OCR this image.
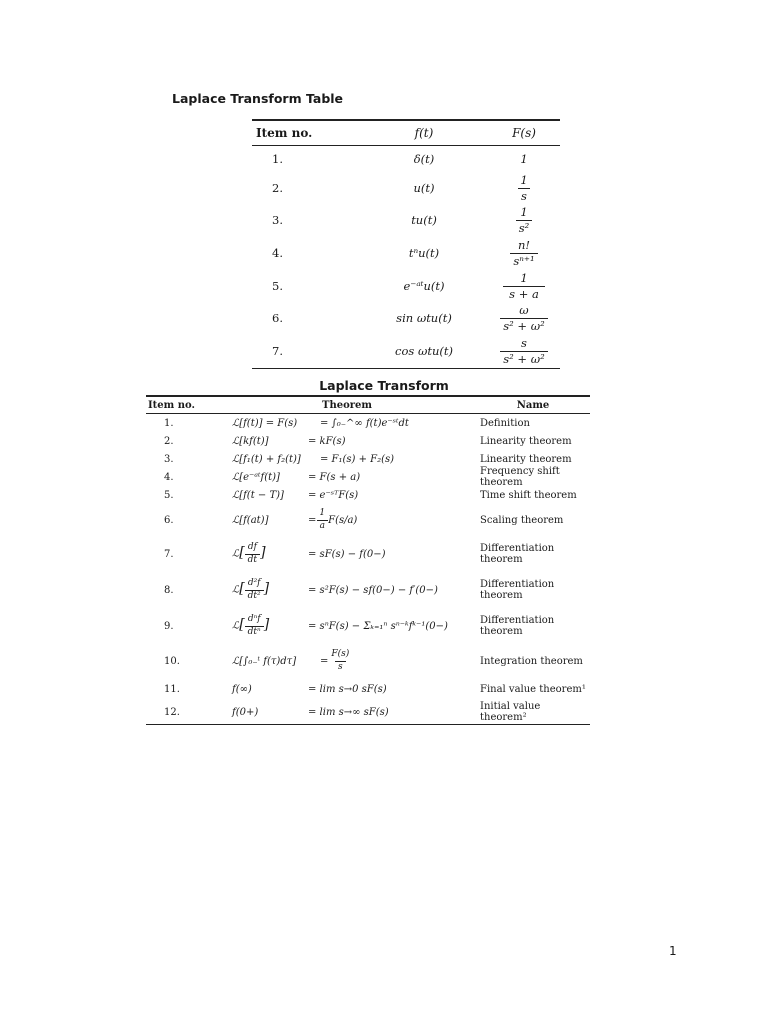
Laplace Transform Table
Item no.	f(t)	F(s)
1.	δ(t)	1
2.	u(t)	$\frac{1}{s}$
3.	tu(t)	$\frac{1}{\text{s²}}$
4.	tⁿu(t)	$\frac{n!}{\text{sⁿ⁺¹}}$
5.	e⁻ᵃᵗu(t)	$\frac{1}{s + a}$
6.	sin ωtu(t)	$\frac{\omega}{\text{s² + ω²}}$
7.	cos ωtu(t)	$\frac{s}{\text{s² + ω²}}$
Laplace Transform
Item no.	Theorem	Name
1.	ℒ[f(t)] = F(s)	= ∫₀₋^∞ f(t)e⁻ˢᵗdt	Definition
2.	ℒ[kf(t)]	= kF(s)	Linearity theorem
3.	ℒ[f₁(t) + f₂(t)]	= F₁(s) + F₂(s)	Linearity theorem
4.	ℒ[e⁻ᵃᵗf(t)]	= F(s + a)	Frequency shift theorem
5.	ℒ[f(t − T)]	= e⁻ˢᵀF(s)	Time shift theorem
6.	ℒ[f(at)]	= $\frac{1}{a} F(s/a)$	Scaling theorem
7.	ℒ[ $\frac{df}{dt}$ ]	= sF(s) − f(0−)	Differentiation theorem
8.	ℒ[ $\frac{\text{d²f}}{\text{dt²}}$ ]	= s²F(s) − sf(0−) − f′(0−)	Differentiation theorem
9.	ℒ[ $\frac{\text{dⁿf}}{\text{dtⁿ}}$ ]	= sⁿF(s) − Σₖ₌₁ⁿ sⁿ⁻ᵏfᵏ⁻¹(0−)	Differentiation theorem
10.	ℒ[∫₀₋ᵗ f(τ)dτ]	= $\frac{F(s)}{s}$	Integration theorem
11.	f(∞)	= lim s→0 sF(s)	Final value theorem¹
12.	f(0+)	= lim s→∞ sF(s)	Initial value theorem²
1
